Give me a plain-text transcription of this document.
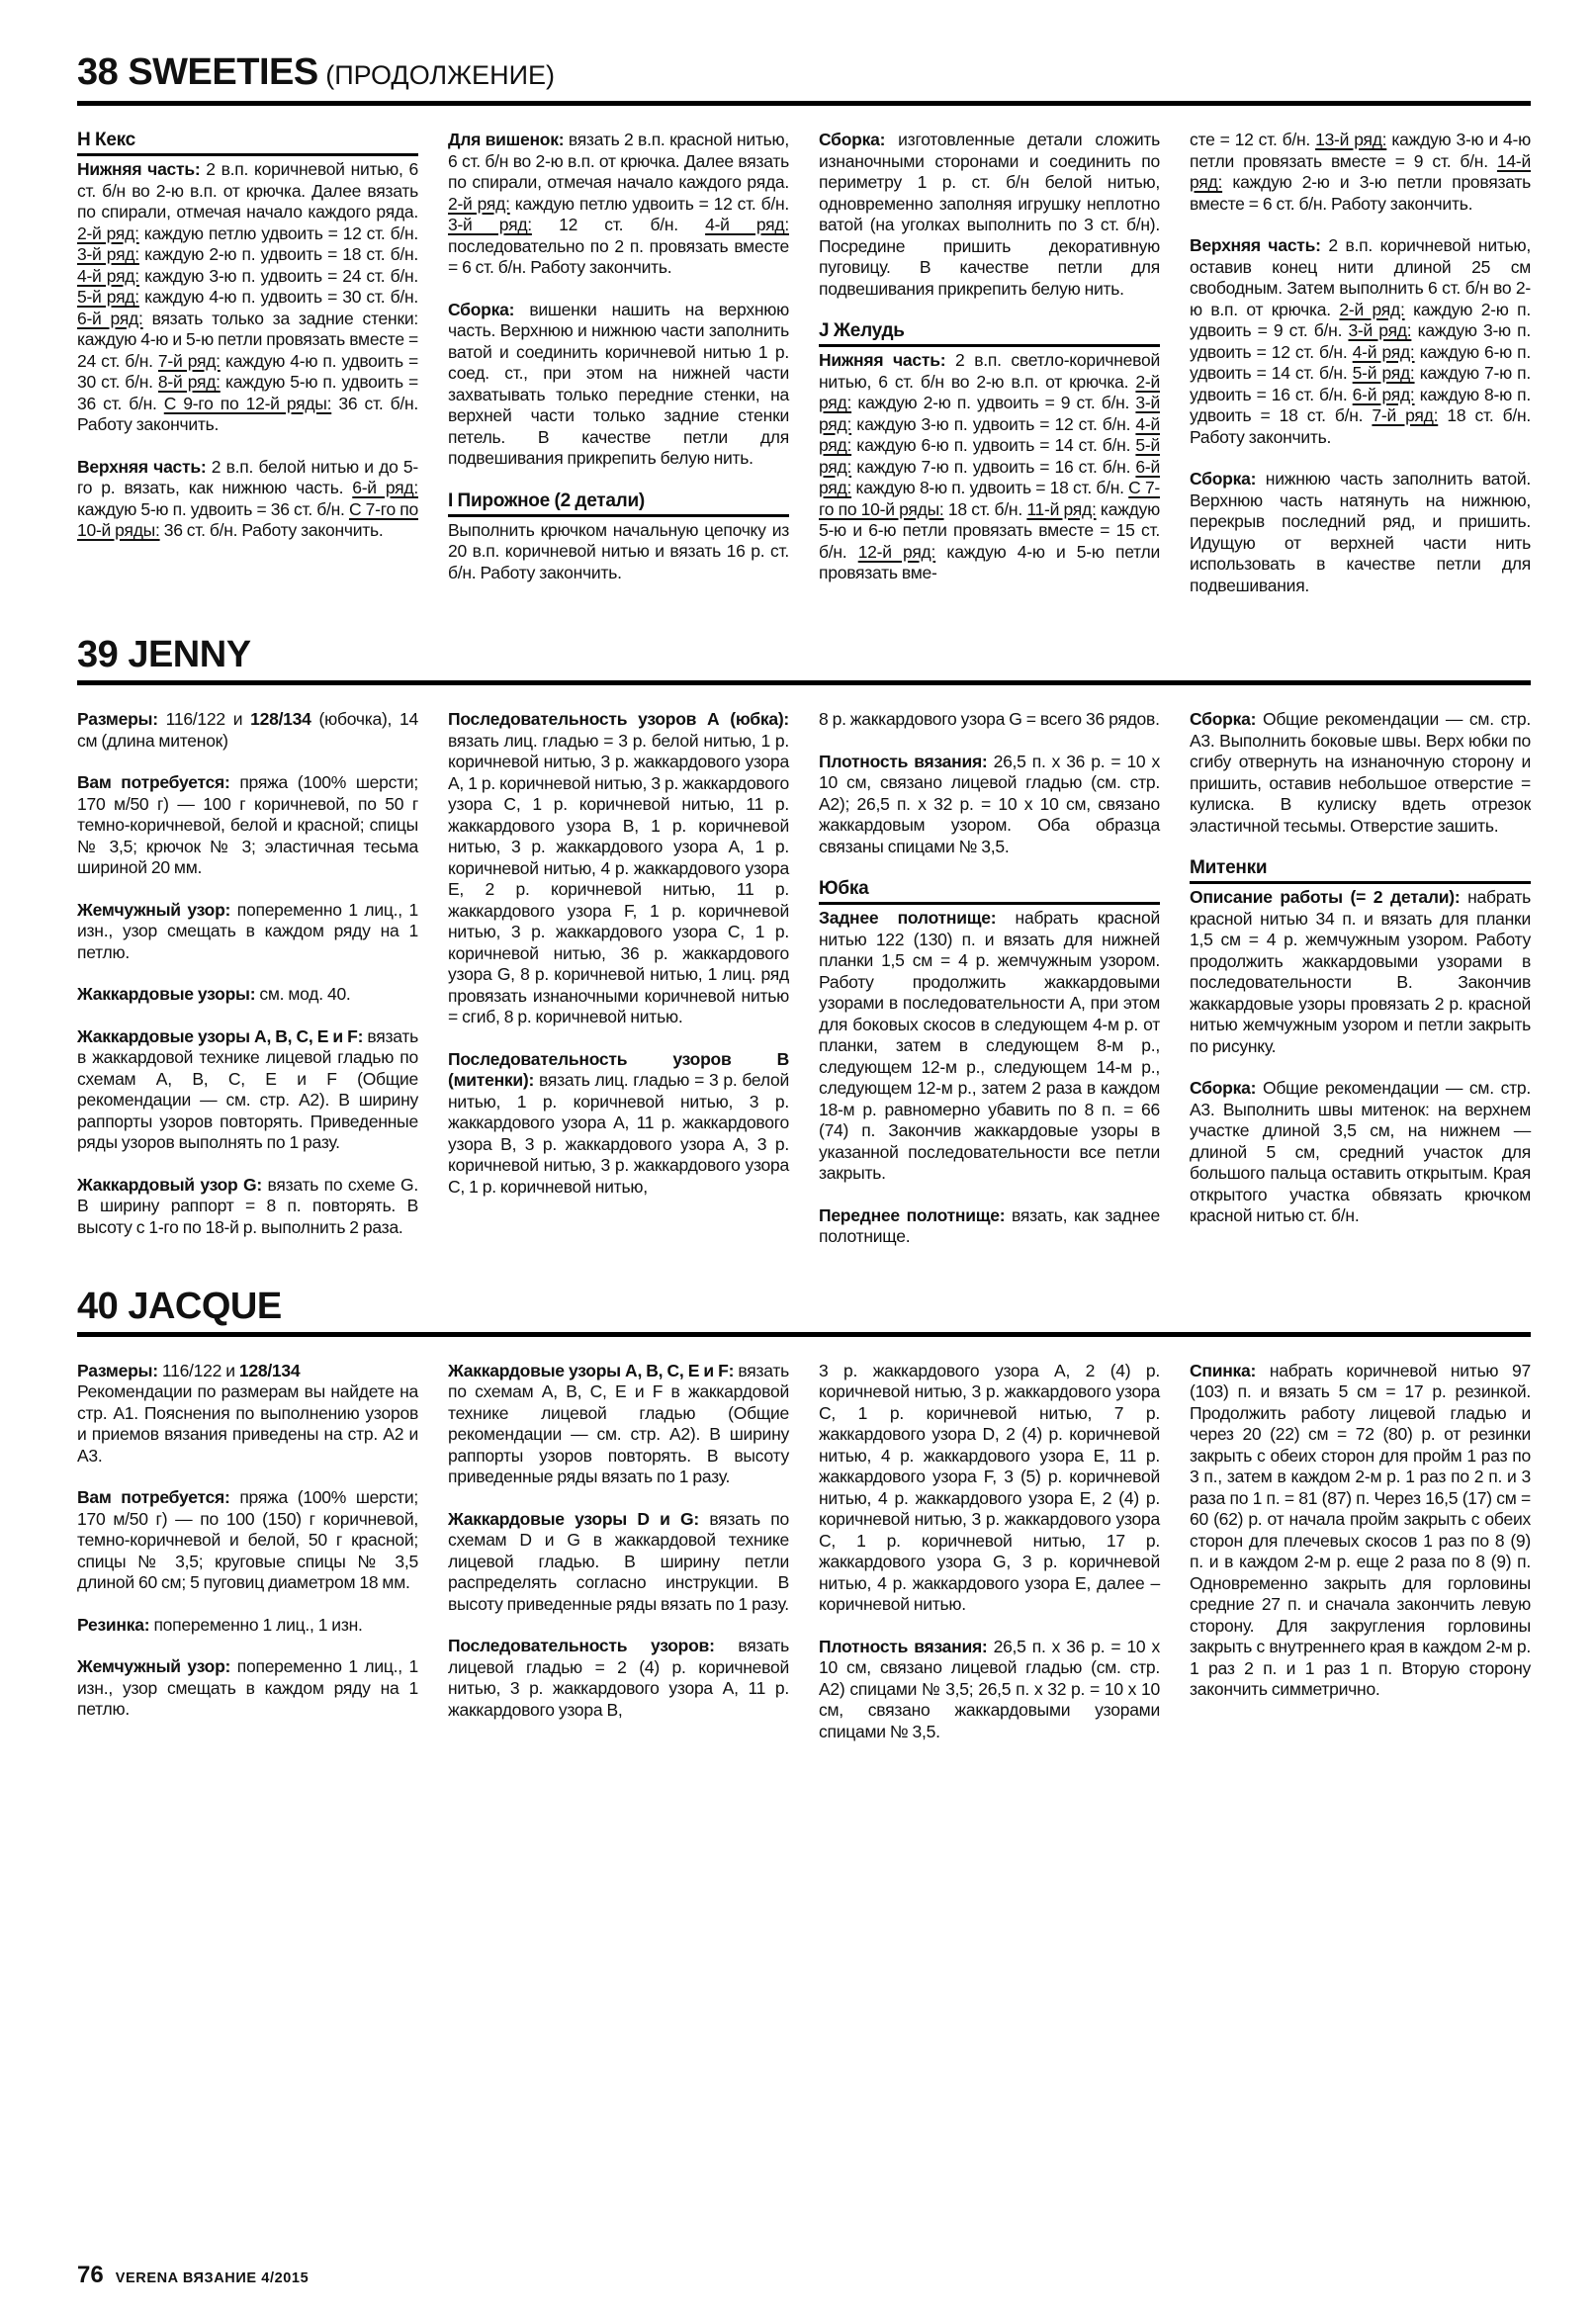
38 SWEETIES (ПРОДОЛЖЕНИЕ)
Н Кекс

Нижняя часть: 2 в.п. коричневой нитью, 6 ст. б/н во 2-ю в.п. от крючка. Далее вязать по спирали, отмечая начало каждого ряда. 2-й ряд: каждую петлю удвоить = 12 ст. б/н. 3-й ряд: каждую 2-ю п. удвоить = 18 ст. б/н. 4-й ряд: каждую 3-ю п. удвоить = 24 ст. б/н. 5-й ряд: каждую 4-ю п. удвоить = 30 ст. б/н. 6-й ряд: вязать только за задние стенки: каждую 4-ю и 5-ю петли провязать вместе = 24 ст. б/н. 7-й ряд: каждую 4-ю п. удвоить = 30 ст. б/н. 8-й ряд: каждую 5-ю п. удвоить = 36 ст. б/н. С 9-го по 12-й ряды: 36 ст. б/н. Работу закончить.

Верхняя часть: 2 в.п. белой нитью и до 5-го р. вязать, как нижнюю часть. 6-й ряд: каждую 5-ю п. удвоить = 36 ст. б/н. С 7-го по 10-й ряды: 36 ст. б/н. Работу закончить.

Для вишенок: вязать 2 в.п. красной нитью, 6 ст. б/н во 2-ю в.п. от крючка. Далее вязать по спирали, отмечая начало каждого ряда. 2-й ряд: каждую петлю удвоить = 12 ст. б/н. 3-й ряд: 12 ст. б/н. 4-й ряд: последовательно по 2 п. провязать вместе = 6 ст. б/н. Работу закончить.

Сборка: вишенки нашить на верхнюю часть. Верхнюю и нижнюю части заполнить ватой и соединить коричневой нитью 1 р. соед. ст., при этом на нижней части захватывать только передние стенки, на верхней части только задние стенки петель. В качестве петли для подвешивания прикрепить белую нить.

I Пирожное (2 детали)

Выполнить крючком начальную цепочку из 20 в.п. коричневой нитью и вязать 16 р. ст. б/н. Работу закончить.

Сборка: изготовленные детали сложить изнаночными сторонами и соединить по периметру 1 р. ст. б/н белой нитью, одновременно заполняя игрушку неплотно ватой (на уголках выполнить по 3 ст. б/н). Посредине пришить декоративную пуговицу. В качестве петли для подвешивания прикрепить белую нить.

J Желудь

Нижняя часть: 2 в.п. светло-коричневой нитью, 6 ст. б/н во 2-ю в.п. от крючка. 2-й ряд: каждую 2-ю п. удвоить = 9 ст. б/н. 3-й ряд: каждую 3-ю п. удвоить = 12 ст. б/н. 4-й ряд: каждую 6-ю п. удвоить = 14 ст. б/н. 5-й ряд: каждую 7-ю п. удвоить = 16 ст. б/н. 6-й ряд: каждую 8-ю п. удвоить = 18 ст. б/н. С 7-го по 10-й ряды: 18 ст. б/н. 11-й ряд: каждую 5-ю и 6-ю петли провязать вместе = 15 ст. б/н. 12-й ряд: каждую 4-ю и 5-ю петли провязать вме-

сте = 12 ст. б/н. 13-й ряд: каждую 3-ю и 4-ю петли провязать вместе = 9 ст. б/н. 14-й ряд: каждую 2-ю и 3-ю петли провязать вместе = 6 ст. б/н. Работу закончить.

Верхняя часть: 2 в.п. коричневой нитью, оставив конец нити длиной 25 см свободным. Затем выполнить 6 ст. б/н во 2-ю в.п. от крючка. 2-й ряд: каждую 2-ю п. удвоить = 9 ст. б/н. 3-й ряд: каждую 3-ю п. удвоить = 12 ст. б/н. 4-й ряд: каждую 6-ю п. удвоить = 14 ст. б/н. 5-й ряд: каждую 7-ю п. удвоить = 16 ст. б/н. 6-й ряд: каждую 8-ю п. удвоить = 18 ст. б/н. 7-й ряд: 18 ст. б/н. Работу закончить.

Сборка: нижнюю часть заполнить ватой. Верхнюю часть натянуть на нижнюю, перекрыв последний ряд, и пришить. Идущую от верхней части нить использовать в качестве петли для подвешивания.

39 JENNY

Размеры: 116/122 и 128/134 (юбочка), 14 см (длина митенок)

Вам потребуется: пряжа (100% шерсти; 170 м/50 г) — 100 г коричневой, по 50 г темно-коричневой, белой и красной; спицы № 3,5; крючок № 3; эластичная тесьма шириной 20 мм.

Жемчужный узор: попеременно 1 лиц., 1 изн., узор смещать в каждом ряду на 1 петлю.

Жаккардовые узоры: см. мод. 40.

Жаккардовые узоры А, В, С, Е и F: вязать в жаккардовой технике лицевой гладью по схемам А, В, С, Е и F (Общие рекомендации — см. стр. А2). В ширину раппорты узоров повторять. Приведенные ряды узоров выполнять по 1 разу.

Жаккардовый узор G: вязать по схеме G. В ширину раппорт = 8 п. повторять. В высоту с 1-го по 18-й р. выполнить 2 раза.

Последовательность узоров А (юбка): вязать лиц. гладью = 3 р. белой нитью, 1 р. коричневой нитью, 3 р. жаккардового узора А, 1 р. коричневой нитью, 3 р. жаккардового узора С, 1 р. коричневой нитью, 11 р. жаккардового узора В, 1 р. коричневой нитью, 3 р. жаккардового узора А, 1 р. коричневой нитью, 4 р. жаккардового узора Е, 2 р. коричневой нитью, 11 р. жаккардового узора F, 1 р. коричневой нитью, 3 р. жаккардового узора С, 1 р. коричневой нитью, 36 р. жаккардового узора G, 8 р. коричневой нитью, 1 лиц. ряд провязать изнаночными коричневой нитью = сгиб, 8 р. коричневой нитью.

Последовательность узоров В (митенки): вязать лиц. гладью = 3 р. белой нитью, 1 р. коричневой нитью, 3 р. жаккардового узора А, 11 р. жаккардового узора В, 3 р. жаккардового узора А, 3 р. коричневой нитью, 3 р. жаккардового узора С, 1 р. коричневой нитью,

8 р. жаккардового узора G = всего 36 рядов.

Плотность вязания: 26,5 п. х 36 р. = 10 х 10 см, связано лицевой гладью (см. стр. А2); 26,5 п. х 32 р. = 10 х 10 см, связано жаккардовым узором. Оба образца связаны спицами № 3,5.

Юбка

Заднее полотнище: набрать красной нитью 122 (130) п. и вязать для нижней планки 1,5 см = 4 р. жемчужным узором. Работу продолжить жаккардовыми узорами в последовательности А, при этом для боковых скосов в следующем 4-м р. от планки, затем в следующем 8-м р., следующем 12-м р., следующем 14-м р., следующем 12-м р., затем 2 раза в каждом 18-м р. равномерно убавить по 8 п. = 66 (74) п. Закончив жаккардовые узоры в указанной последовательности все петли закрыть.

Переднее полотнище: вязать, как заднее полотнище.

Сборка: Общие рекомендации — см. стр. А3. Выполнить боковые швы. Верх юбки по сгибу отвернуть на изнаночную сторону и пришить, оставив небольшое отверстие = кулиска. В кулиску вдеть отрезок эластичной тесьмы. Отверстие зашить.

Митенки

Описание работы (= 2 детали): набрать красной нитью 34 п. и вязать для планки 1,5 см = 4 р. жемчужным узором. Работу продолжить жаккардовыми узорами в последовательности В. Закончив жаккардовые узоры провязать 2 р. красной нитью жемчужным узором и петли закрыть по рисунку.

Сборка: Общие рекомендации — см. стр. А3. Выполнить швы митенок: на верхнем участке длиной 3,5 см, на нижнем — длиной 5 см, средний участок для большого пальца оставить открытым. Края открытого участка обвязать крючком красной нитью ст. б/н.

40 JACQUE

Размеры: 116/122 и 128/134
Рекомендации по размерам вы найдете на стр. А1. Пояснения по выполнению узоров и приемов вязания приведены на стр. А2 и А3.

Вам потребуется: пряжа (100% шерсти; 170 м/50 г) — по 100 (150) г коричневой, темно-коричневой и белой, 50 г красной; спицы № 3,5; круговые спицы № 3,5 длиной 60 см; 5 пуговиц диаметром 18 мм.

Резинка: попеременно 1 лиц., 1 изн.

Жемчужный узор: попеременно 1 лиц., 1 изн., узор смещать в каждом ряду на 1 петлю.

Жаккардовые узоры А, В, С, Е и F: вязать по схемам А, В, С, Е и F в жаккардовой технике лицевой гладью (Общие рекомендации — см. стр. А2). В ширину раппорты узоров повторять. В высоту приведенные ряды вязать по 1 разу.

Жаккардовые узоры D и G: вязать по схемам D и G в жаккардовой технике лицевой гладью. В ширину петли распределять согласно инструкции. В высоту приведенные ряды вязать по 1 разу.

Последовательность узоров: вязать лицевой гладью = 2 (4) р. коричневой нитью, 3 р. жаккардового узора А, 11 р. жаккардового узора В,

3 р. жаккардового узора А, 2 (4) р. коричневой нитью, 3 р. жаккардового узора С, 1 р. коричневой нитью, 7 р. жаккардового узора D, 2 (4) р. коричневой нитью, 4 р. жаккардового узора Е, 11 р. жаккардового узора F, 3 (5) р. коричневой нитью, 4 р. жаккардового узора Е, 2 (4) р. коричневой нитью, 3 р. жаккардового узора С, 1 р. коричневой нитью, 17 р. жаккардового узора G, 3 р. коричневой нитью, 4 р. жаккардового узора Е, далее – коричневой нитью.

Плотность вязания: 26,5 п. х 36 р. = 10 х 10 см, связано лицевой гладью (см. стр. А2) спицами № 3,5; 26,5 п. х 32 р. = 10 х 10 см, связано жаккардовыми узорами спицами № 3,5.

Спинка: набрать коричневой нитью 97 (103) п. и вязать 5 см = 17 р. резинкой. Продолжить работу лицевой гладью и через 20 (22) см = 72 (80) р. от резинки закрыть с обеих сторон для пройм 1 раз по 3 п., затем в каждом 2-м р. 1 раз по 2 п. и 3 раза по 1 п. = 81 (87) п. Через 16,5 (17) см = 60 (62) р. от начала пройм закрыть с обеих сторон для плечевых скосов 1 раз по 8 (9) п. и в каждом 2-м р. еще 2 раза по 8 (9) п. Одновременно закрыть для горловины средние 27 п. и сначала закончить левую сторону. Для закругления горловины закрыть с внутреннего края в каждом 2-м р. 1 раз 2 п. и 1 раз 1 п. Вторую сторону закончить симметрично.

76 VERENA ВЯЗАНИЕ 4/2015
